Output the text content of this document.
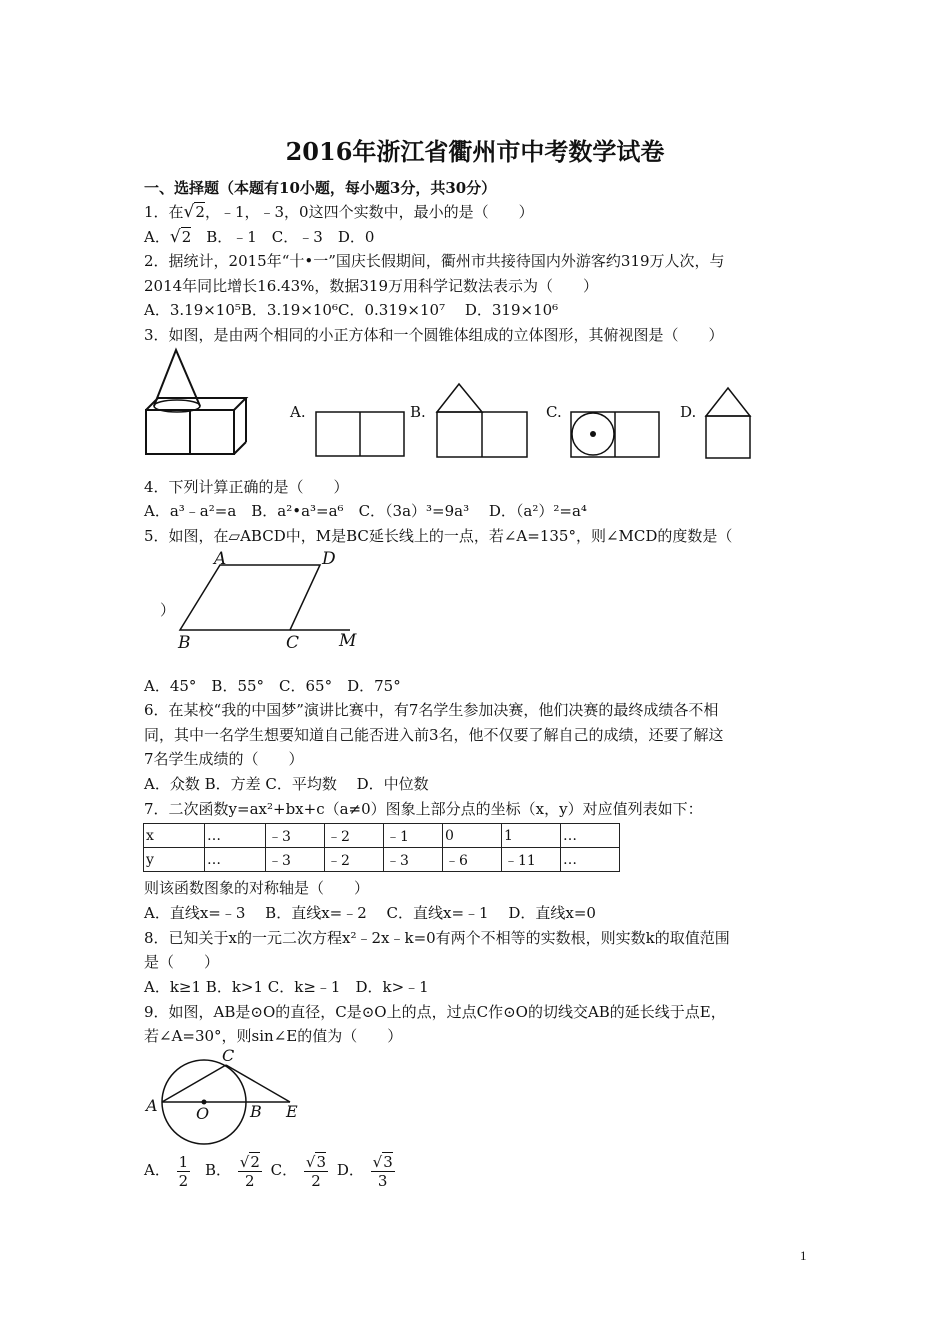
2016年浙江省衢州市中考数学试卷
一、选择题（本题有10小题，每小题3分，共30分）
1．在√2，﹣1，﹣3，0这四个实数中，最小的是（　　）
A．√2　B．﹣1　C．﹣3　D．0
2．据统计，2015年“十•一”国庆长假期间，衢州市共接待国内外游客约319万人次，与
2014年同比增长16.43%，数据319万用科学记数法表示为（　　）
A．3.19×10⁵B．3.19×10⁶C．0.319×10⁷　 D．319×10⁶
3．如图，是由两个相同的小正方体和一个圆锥体组成的立体图形，其俯视图是（　　）
A.	B.	C.	D.
4．下列计算正确的是（　　）
A．a³﹣a²=a　B．a²•a³=a⁶　C．（3a）³=9a³　 D．（a²）²=a⁴
5．如图，在▱ABCD中，M是BC延长线上的一点，若∠A=135°，则∠MCD的度数是（
A	D
B	C M
）
A．45°　B．55°　C．65°　D．75°
6．在某校“我的中国梦”演讲比赛中，有7名学生参加决赛，他们决赛的最终成绩各不相
同，其中一名学生想要知道自己能否进入前3名，他不仅要了解自己的成绩，还要了解这
7名学生成绩的（　　）
A．众数 B．方差 C．平均数　 D．中位数
7．二次函数y=ax²+bx+c（a≠0）图象上部分点的坐标（x，y）对应值列表如下：
x	…	﹣3	﹣2	﹣1	0	1	…
y	…	﹣3	﹣2	﹣3	﹣6	﹣11	…
则该函数图象的对称轴是（　　）
A．直线x=﹣3　 B．直线x=﹣2　 C．直线x=﹣1　 D．直线x=0
8．已知关于x的一元二次方程x²﹣2x﹣k=0有两个不相等的实数根，则实数k的取值范围
是（　　）
A．k≥1 B．k>1 C．k≥﹣1　D．k>﹣1
9．如图，AB是⊙O的直径，C是⊙O上的点，过点C作⊙O的切线交AB的延长线于点E，
若∠A=30°，则sin∠E的值为（　　）
A O	B E
C
A． $\frac{1}{2}$ B． $\frac{√2}{2}$ C． $\frac{√3}{2}$ D． $\frac{√3}{3}$
1
